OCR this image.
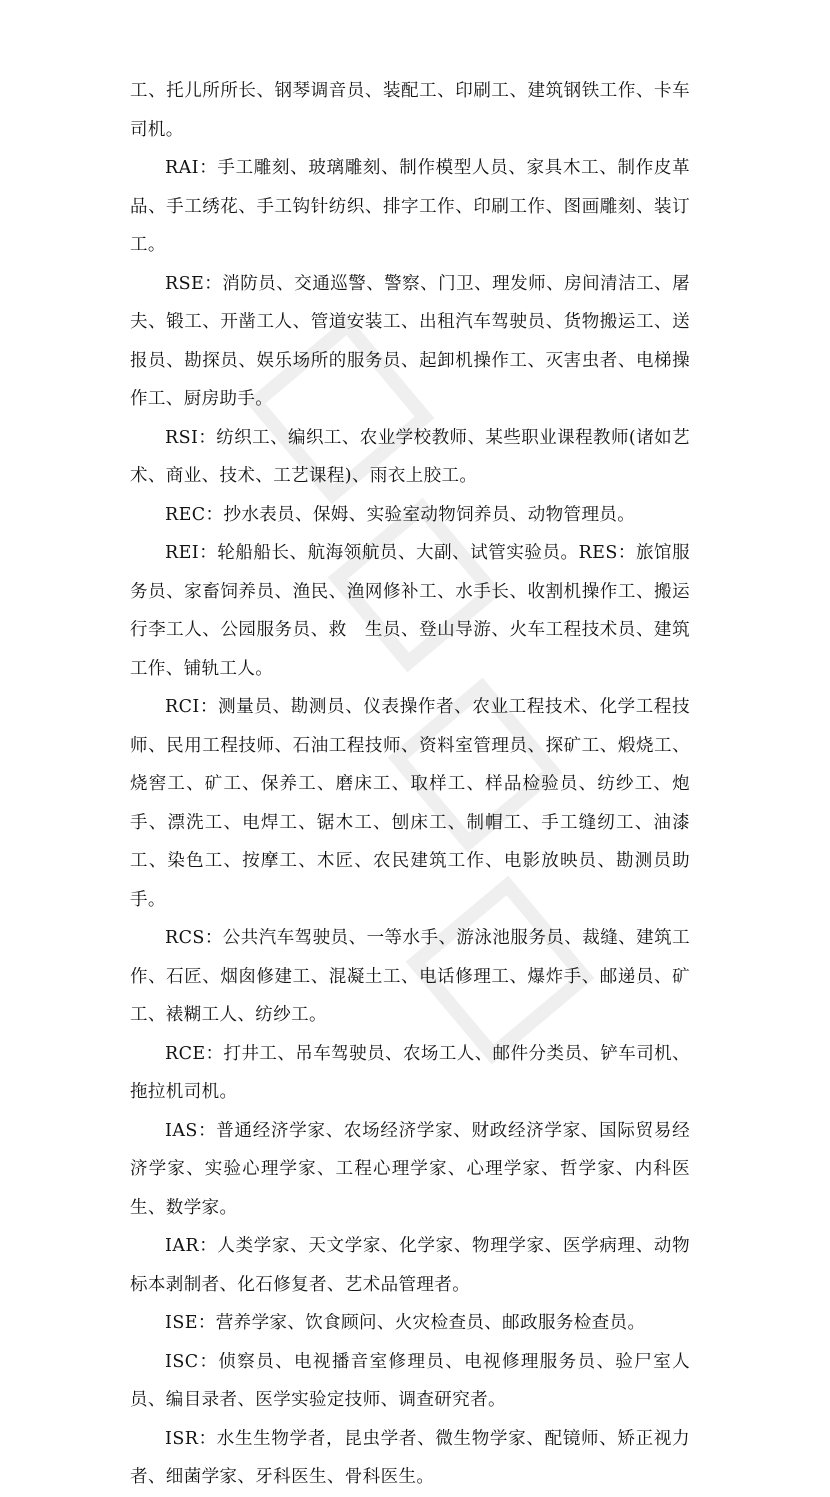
工、托儿所所长、钢琴调音员、装配工、印刷工、建筑钢铁工作、卡车司机。

RAI：手工雕刻、玻璃雕刻、制作模型人员、家具木工、制作皮革品、手工绣花、手工钩针纺织、排字工作、印刷工作、图画雕刻、装订工。

RSE：消防员、交通巡警、警察、门卫、理发师、房间清洁工、屠夫、锻工、开凿工人、管道安装工、出租汽车驾驶员、货物搬运工、送报员、勘探员、娱乐场所的服务员、起卸机操作工、灭害虫者、电梯操作工、厨房助手。

RSI：纺织工、编织工、农业学校教师、某些职业课程教师(诸如艺术、商业、技术、工艺课程)、雨衣上胶工。

REC：抄水表员、保姆、实验室动物饲养员、动物管理员。

REI：轮船船长、航海领航员、大副、试管实验员。RES：旅馆服务员、家畜饲养员、渔民、渔网修补工、水手长、收割机操作工、搬运行李工人、公园服务员、救　生员、登山导游、火车工程技术员、建筑工作、铺轨工人。

RCI：测量员、勘测员、仪表操作者、农业工程技术、化学工程技师、民用工程技师、石油工程技师、资料室管理员、探矿工、煅烧工、烧窖工、矿工、保养工、磨床工、取样工、样品检验员、纺纱工、炮手、漂洗工、电焊工、锯木工、刨床工、制帽工、手工缝纫工、油漆工、染色工、按摩工、木匠、农民建筑工作、电影放映员、勘测员助手。

RCS：公共汽车驾驶员、一等水手、游泳池服务员、裁缝、建筑工作、石匠、烟囱修建工、混凝土工、电话修理工、爆炸手、邮递员、矿工、裱糊工人、纺纱工。

RCE：打井工、吊车驾驶员、农场工人、邮件分类员、铲车司机、拖拉机司机。

IAS：普通经济学家、农场经济学家、财政经济学家、国际贸易经济学家、实验心理学家、工程心理学家、心理学家、哲学家、内科医生、数学家。

IAR：人类学家、天文学家、化学家、物理学家、医学病理、动物标本剥制者、化石修复者、艺术品管理者。

ISE：营养学家、饮食顾问、火灾检查员、邮政服务检查员。

ISC：侦察员、电视播音室修理员、电视修理服务员、验尸室人员、编目录者、医学实验定技师、调查研究者。

ISR：水生生物学者，昆虫学者、微生物学家、配镜师、矫正视力者、细菌学家、牙科医生、骨科医生。
